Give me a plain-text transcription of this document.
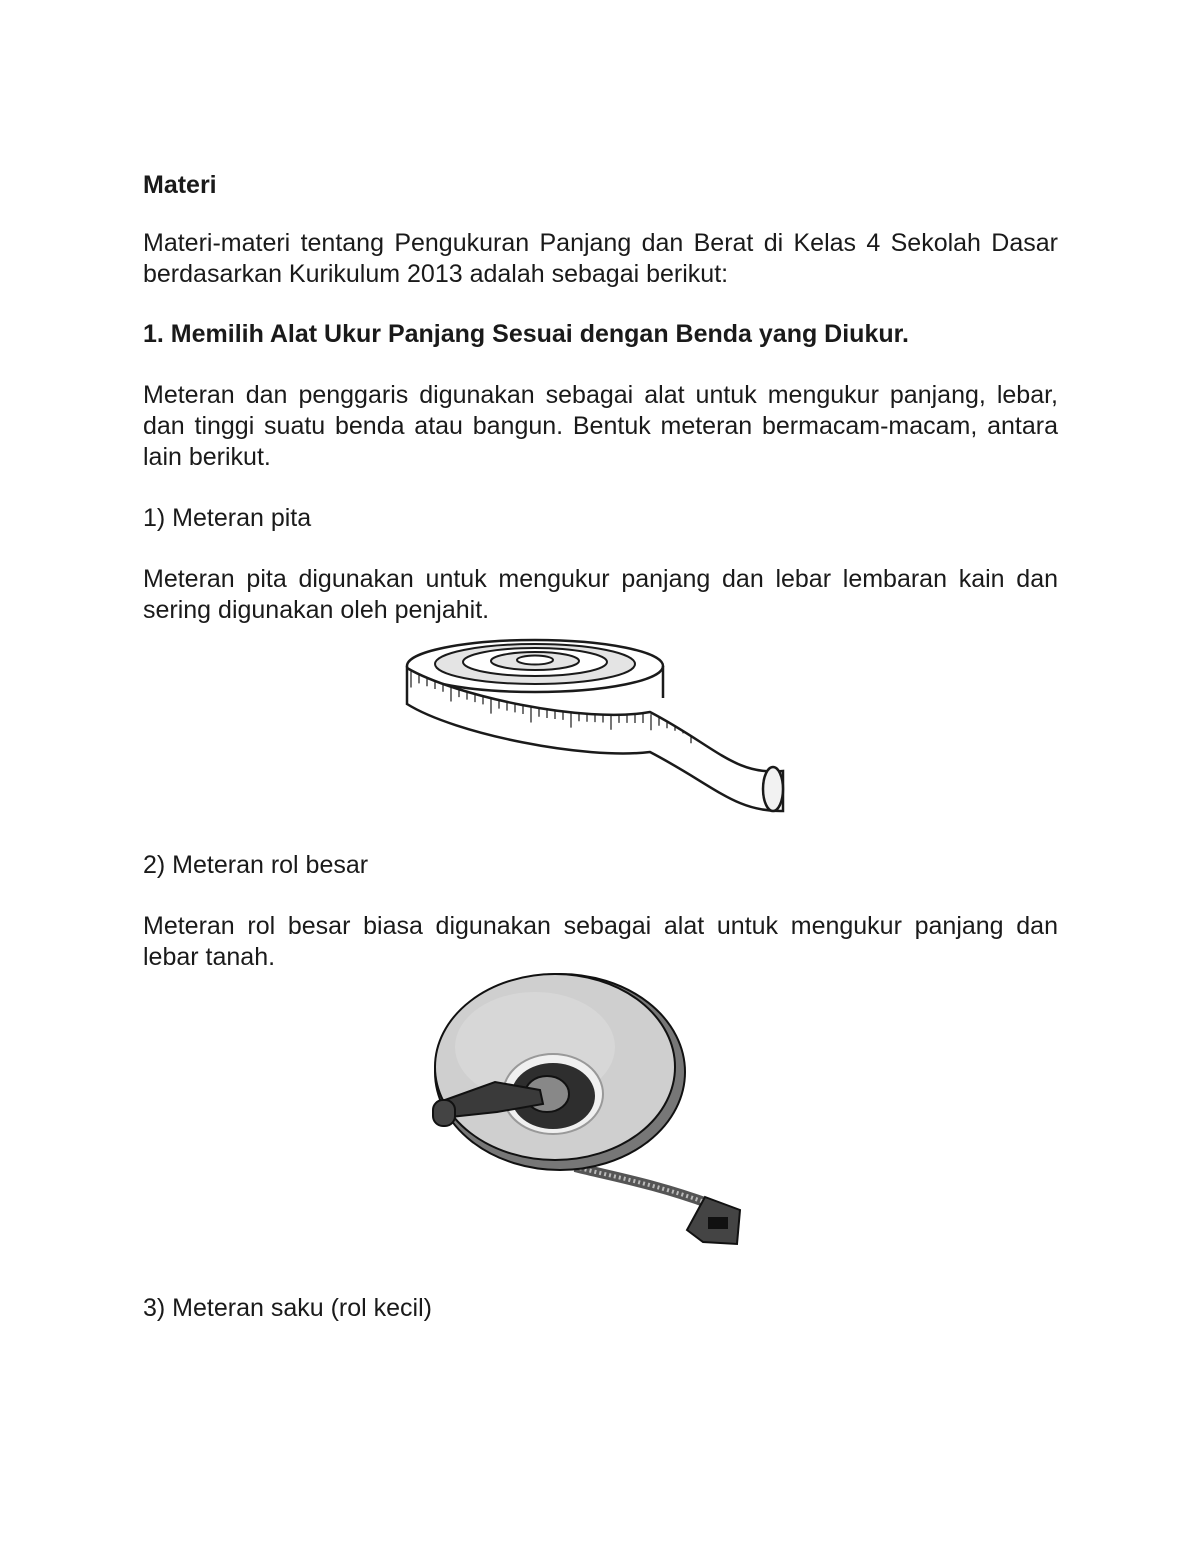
Materi

Materi-materi tentang Pengukuran Panjang dan Berat di Kelas 4 Sekolah Dasar berdasarkan Kurikulum 2013 adalah sebagai berikut:

1. Memilih Alat Ukur Panjang Sesuai dengan Benda yang Diukur.

Meteran dan penggaris digunakan sebagai alat untuk mengukur panjang, lebar, dan tinggi suatu benda atau bangun. Bentuk meteran bermacam-macam, antara lain berikut.

1) Meteran pita

Meteran pita digunakan untuk mengukur panjang dan lebar lembaran kain dan sering digunakan oleh penjahit.

2) Meteran rol besar

Meteran rol besar biasa digunakan sebagai alat untuk mengukur panjang dan lebar tanah.

3) Meteran saku (rol kecil)
